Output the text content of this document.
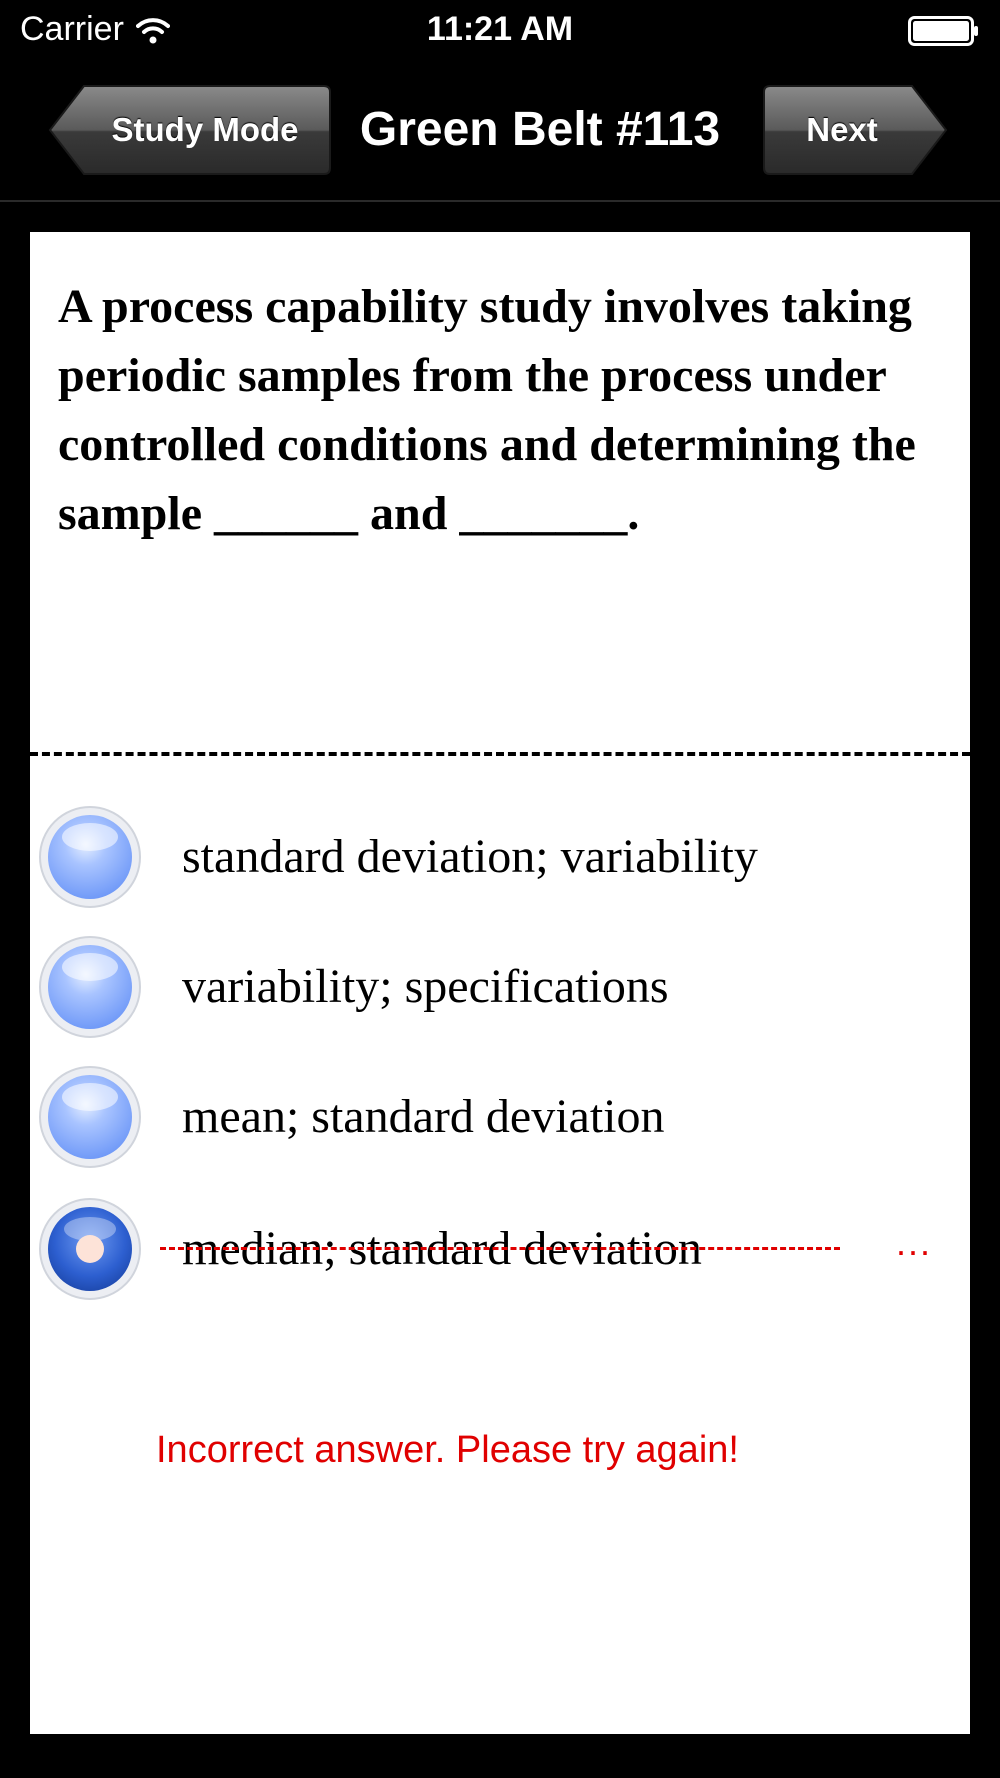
Carrier	11:21 AM
Study Mode	Green Belt #113	Next
A process capability study involves taking periodic samples from the process under controlled conditions and determining the sample ______ and _______.
standard deviation; variability
variability; specifications
mean; standard deviation
median; standard deviation	...
Incorrect answer. Please try again!
